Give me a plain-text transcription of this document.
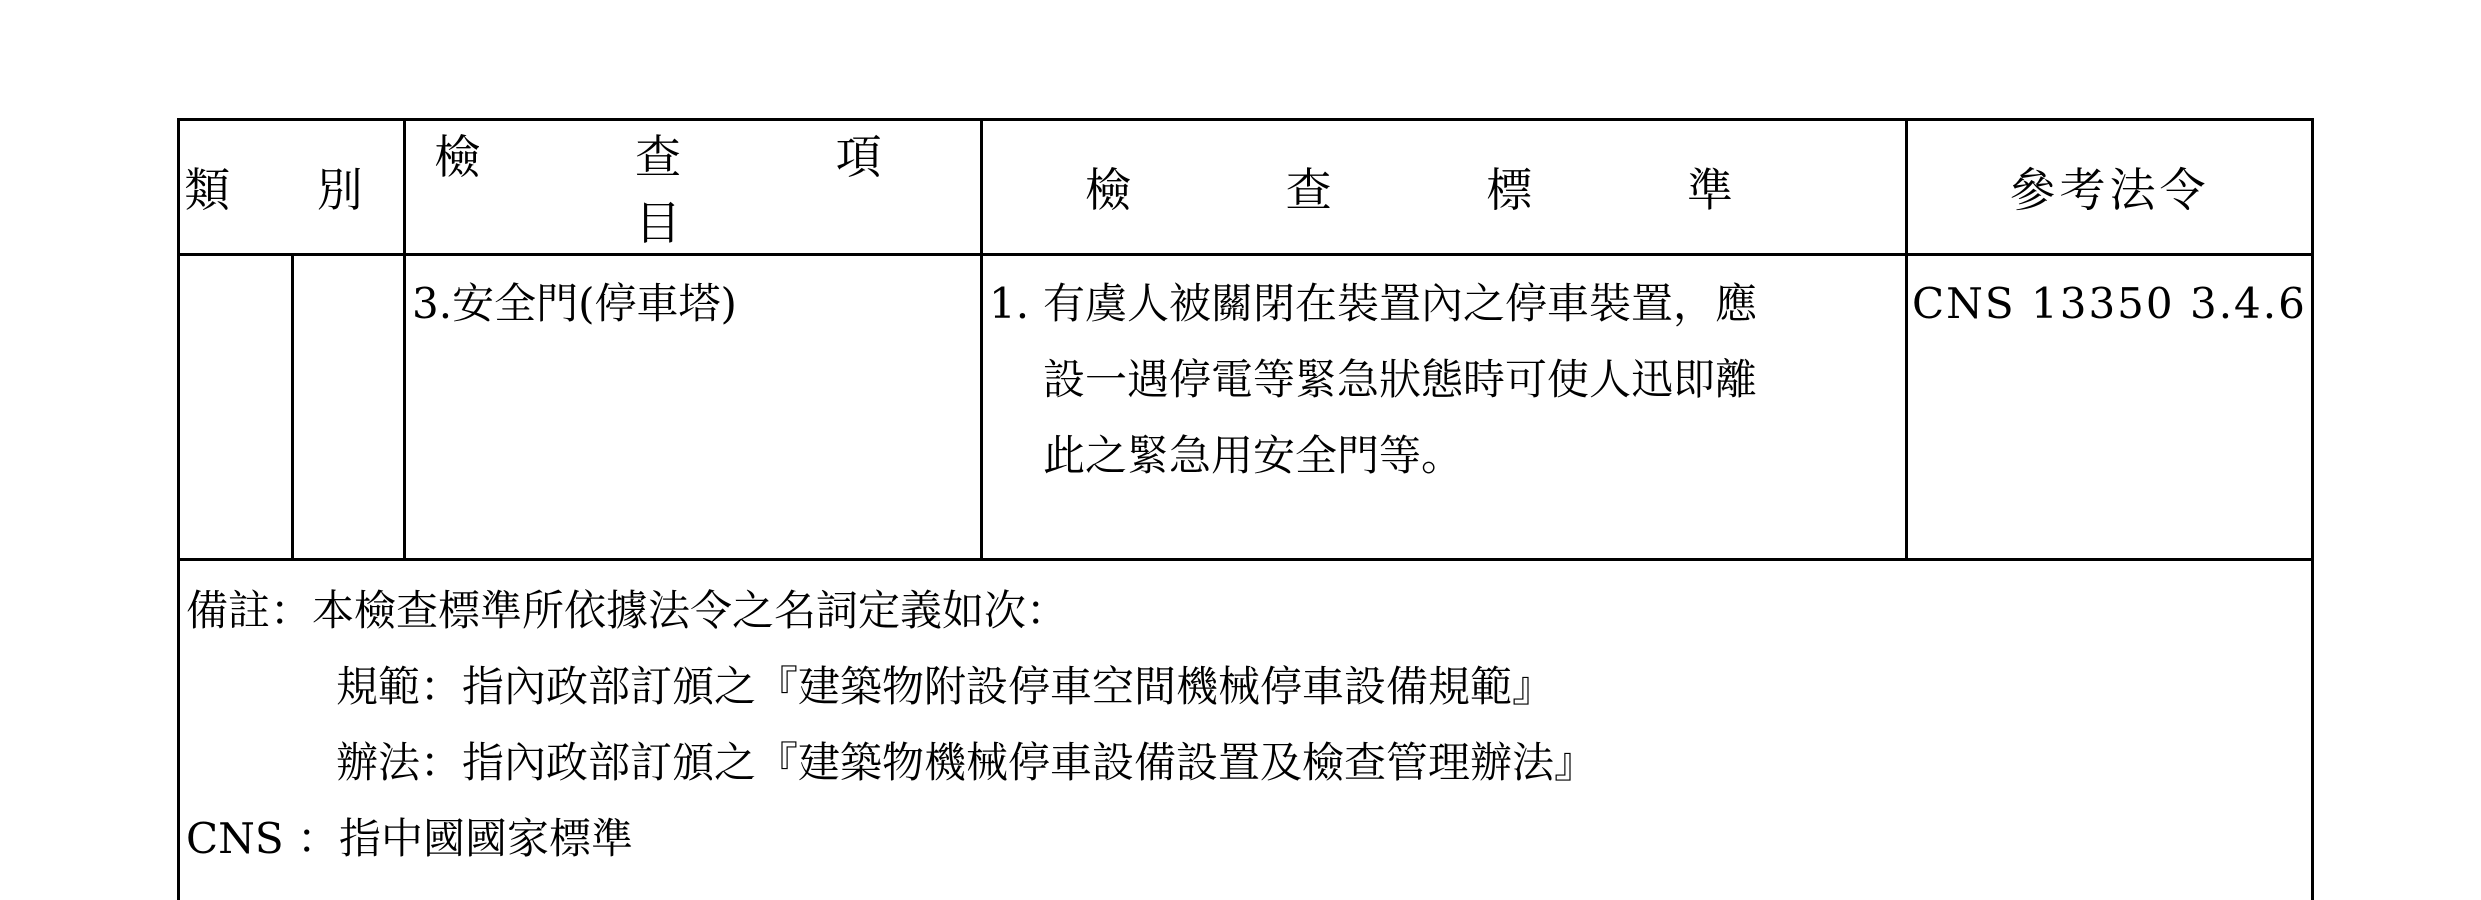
類 別		檢 查 項 目	檢 查 標 準	參考法令

		3.安全門(停車塔)	1. 有虞人被關閉在裝置內之停車裝置，應
設一遇停電等緊急狀態時可使人迅即離
此之緊急用安全門等。	CNS 13350 3.4.6

備註：本檢查標準所依據法令之名詞定義如次：
規範：指內政部訂頒之『建築物附設停車空間機械停車設備規範』
辦法：指內政部訂頒之『建築物機械停車設備設置及檢查管理辦法』
CNS ：指中國國家標準				
